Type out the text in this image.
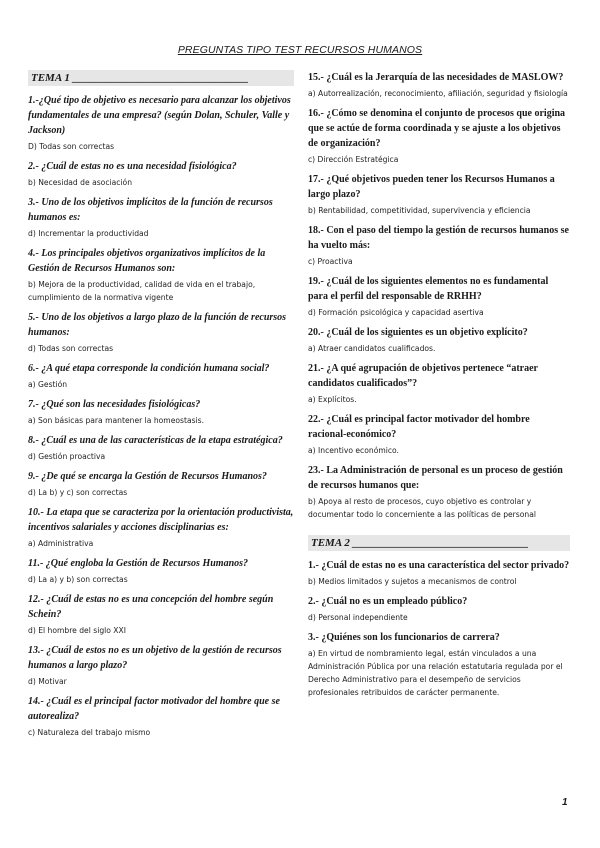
PREGUNTAS TIPO TEST RECURSOS HUMANOS
TEMA 1 ________________________________
1.-¿Qué tipo de objetivo es necesario para alcanzar los objetivos fundamentales de una empresa? (según Dolan, Schuler, Valle y Jackson)
D) Todas son correctas
2.- ¿Cuál de estas no es una necesidad fisiológica?
b) Necesidad de asociación
3.- Uno de los objetivos implícitos de la función de recursos humanos es:
d) Incrementar la productividad
4.- Los principales objetivos organizativos implícitos de la Gestión de Recursos Humanos son:
b) Mejora de la productividad, calidad de vida en el trabajo, cumplimiento de la normativa vigente
5.- Uno de los objetivos a largo plazo de la función de recursos humanos:
d) Todas son correctas
6.- ¿A qué etapa corresponde la condición humana social?
a) Gestión
7.- ¿Qué son las necesidades fisiológicas?
a) Son básicas para mantener la homeostasis.
8.- ¿Cuál es una de las características de la etapa estratégica?
d) Gestión proactiva
9.- ¿De qué se encarga la Gestión de Recursos Humanos?
d) La b) y c) son correctas
10.- La etapa que se caracteriza por la orientación productivista, incentivos salariales y acciones disciplinarias es:
a) Administrativa
11.- ¿Qué engloba la Gestión de Recursos Humanos?
d) La a) y b) son correctas
12.- ¿Cuál de estas no es una concepción del hombre según Schein?
d) El hombre del siglo XXI
13.- ¿Cuál de estos no es un objetivo de la gestión de recursos humanos a largo plazo?
d) Motivar
14.- ¿Cuál es el principal factor motivador del hombre que se autorealiza?
c) Naturaleza del trabajo mismo
15.- ¿Cuál es la Jerarquía de las necesidades de MASLOW?
a) Autorrealización, reconocimiento, afiliación, seguridad y fisiología
16.- ¿Cómo se denomina el conjunto de procesos que origina que se actúe de forma coordinada y se ajuste a los objetivos de organización?
c) Dirección Estratégica
17.- ¿Qué objetivos pueden tener los Recursos Humanos a largo plazo?
b) Rentabilidad, competitividad, supervivencia y eficiencia
18.- Con el paso del tiempo la gestión de recursos humanos se ha vuelto más:
c) Proactiva
19.- ¿Cuál de los siguientes elementos no es fundamental para el perfil del responsable de RRHH?
d) Formación psicológica y capacidad asertiva
20.- ¿Cuál de los siguientes es un objetivo explícito?
a) Atraer candidatos cualificados.
21.- ¿A qué agrupación de objetivos pertenece “atraer candidatos cualificados”?
a) Explícitos.
22.- ¿Cuál es principal factor motivador del hombre racional-económico?
a) Incentivo económico.
23.- La Administración de personal es un proceso de gestión de recursos humanos que:
b) Apoya al resto de procesos, cuyo objetivo es controlar y documentar todo lo concerniente a las políticas de personal
TEMA 2 ________________________________
1.- ¿Cuál de estas no es una característica del sector privado?
b) Medios limitados y sujetos a mecanismos de control
2.- ¿Cuál no es un empleado público?
d) Personal independiente
3.- ¿Quiénes son los funcionarios de carrera?
a) En virtud de nombramiento legal, están vinculados a una Administración Pública por una relación estatutaria regulada por el Derecho Administrativo para el desempeño de servicios profesionales retribuidos de carácter permanente.
1
